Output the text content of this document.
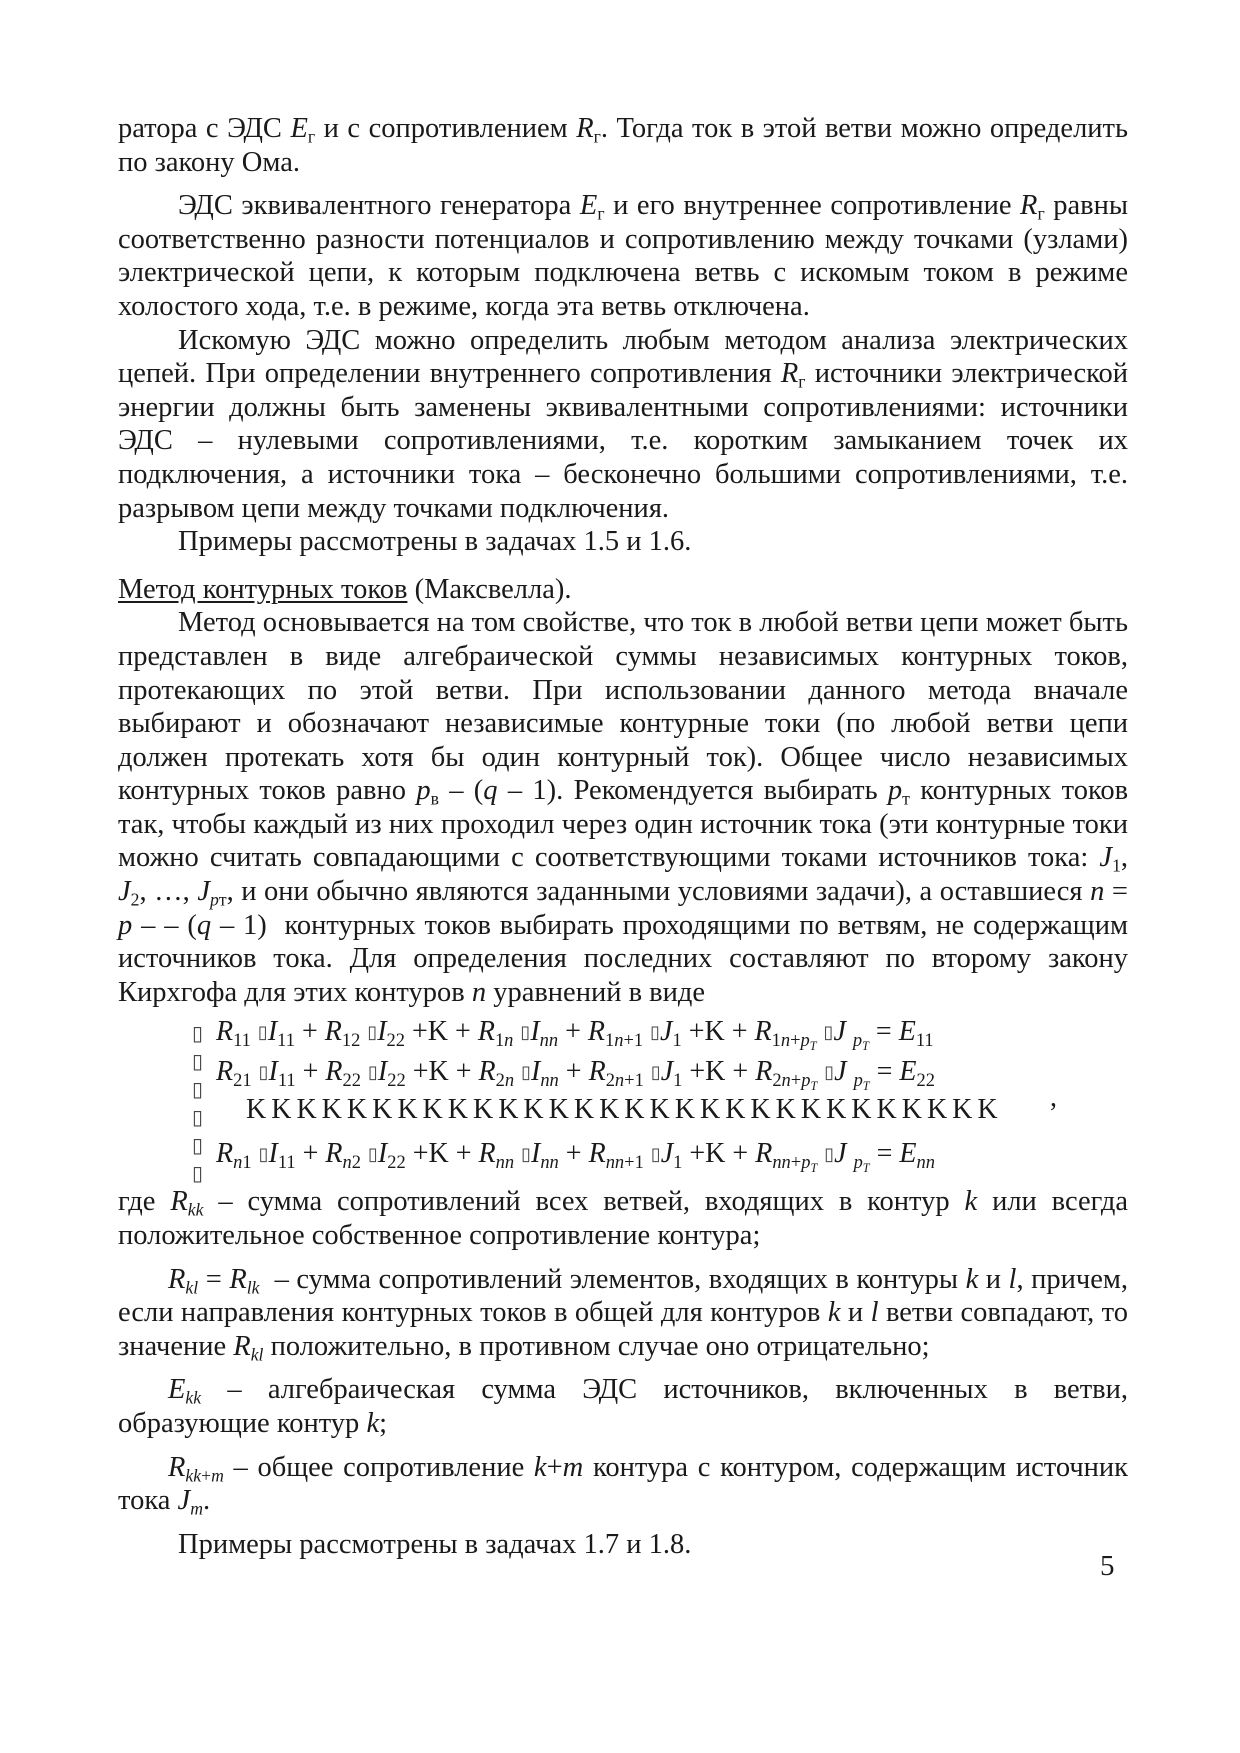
ратора с ЭДС $E_г$ и с сопротивлением $R_г$. Тогда ток в этой ветви можно определить по закону Ома.

ЭДС эквивалентного генератора $E_г$ и его внутреннее сопротивление $R_г$ равны соответственно разности потенциалов и сопротивлению между точками (узлами) электрической цепи, к которым подключена ветвь с искомым током в режиме холостого хода, т.е. в режиме, когда эта ветвь отключена.

Искомую ЭДС можно определить любым методом анализа электрических цепей. При определении внутреннего сопротивления $R_г$ источники электрической энергии должны быть заменены эквивалентными сопротивлениями: источники ЭДС – нулевыми сопротивлениями, т.е. коротким замыканием точек их подключения, а источники тока – бесконечно большими сопротивлениями, т.е. разрывом цепи между точками подключения.

Примеры рассмотрены в задачах 1.5 и 1.6.

Метод контурных токов (Максвелла).

Метод основывается на том свойстве, что ток в любой ветви цепи может быть представлен в виде алгебраической суммы независимых контурных токов, протекающих по этой ветви. При использовании данного метода вначале выбирают и обозначают независимые контурные токи (по любой ветви цепи должен протекать хотя бы один контурный ток). Общее число независимых контурных токов равно $p_в - (q - 1)$. Рекомендуется выбирать $p_т$ контурных токов так, чтобы каждый из них проходил через один источник тока (эти контурные токи можно считать совпадающими с соответствующими токами источников тока: $J_1$, $J_2$, …, $J_{pт}$, и они обычно являются заданными условиями задачи), а оставшиеся n = p – – (q – 1)  контурных токов выбирать проходящими по ветвям, не содержащим источников тока. Для определения последних составляют по второму закону Кирхгофа для этих контуров n уравнений в виде

▯
▯
▯
▯
▯
▯
$R_{11}$ $▯I_{11} + R_{12}$ $▯I_{22} +K + R_{1n}$ $▯I_{nn} + R_{1n+1}$ $▯J_1 +K + R_{1n+p_T}$ ▯J $_{p_T} = E_{11}$
$R_{21}$ $▯I_{11} + R_{22}$ $▯I_{22} +K + R_{2n}$ $▯I_{nn} + R_{2n+1}$ $▯J_1 +K + R_{2n+p_T}$ ▯J $_{p_T} = E_{22}$
K K K K K K K K K K K K K K K K K K K K K K K K K K K K K K ,
$R_{n1}$ $▯I_{11} + R_{n2}$ $▯I_{22} +K + R_{nn}$ $▯I_{nn} + R_{nn+1}$ $▯J_1 +K + R_{nn+p_T}$ ▯J $_{p_T} = E_{nn}$

где $R_{kk}$ – сумма сопротивлений всех ветвей, входящих в контур k или всегда положительное собственное сопротивление контура;

$R_{kl} = R_{lk}$ – сумма сопротивлений элементов, входящих в контуры k и l, причем, если направления контурных токов в общей для контуров k и l ветви совпадают, то значение $R_{kl}$ положительно, в противном случае оно отрицательно;

$E_{kk}$ – алгебраическая сумма ЭДС источников, включенных в ветви, образующие контур k;

$R_{kk+m}$ – общее сопротивление k+m контура с контуром, содержащим источник тока $J_m$.

Примеры рассмотрены в задачах 1.7 и 1.8.

5
